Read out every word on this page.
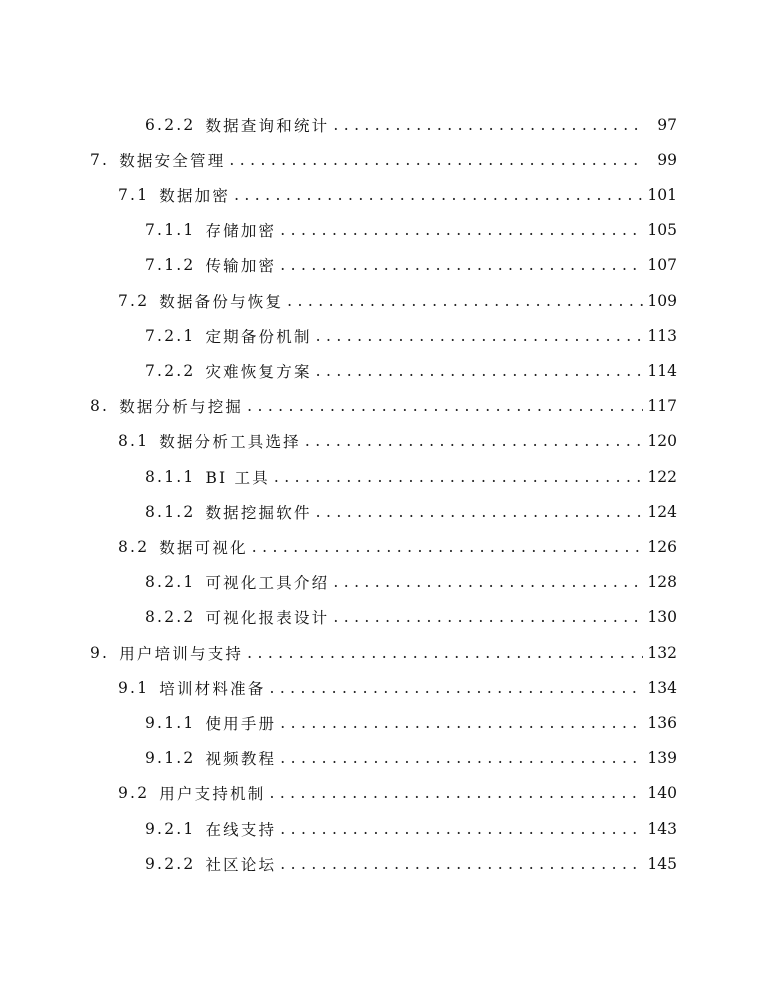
6.2.2 数据查询和统计 . . .	97
7. 数据安全管理 . . .	99
7.1 数据加密 . . .	101
7.1.1 存储加密 . . .	105
7.1.2 传输加密 . . .	107
7.2 数据备份与恢复 . . .	109
7.2.1 定期备份机制 . . .	113
7.2.2 灾难恢复方案 . . .	114
8. 数据分析与挖掘 . . .	117
8.1 数据分析工具选择 . . .	120
8.1.1 BI 工具 . . .	122
8.1.2 数据挖掘软件 . . .	124
8.2 数据可视化 . . .	126
8.2.1 可视化工具介绍 . . .	128
8.2.2 可视化报表设计 . . .	130
9. 用户培训与支持 . . .	132
9.1 培训材料准备 . . .	134
9.1.1 使用手册 . . .	136
9.1.2 视频教程 . . .	139
9.2 用户支持机制 . . .	140
9.2.1 在线支持 . . .	143
9.2.2 社区论坛 . . .	145
